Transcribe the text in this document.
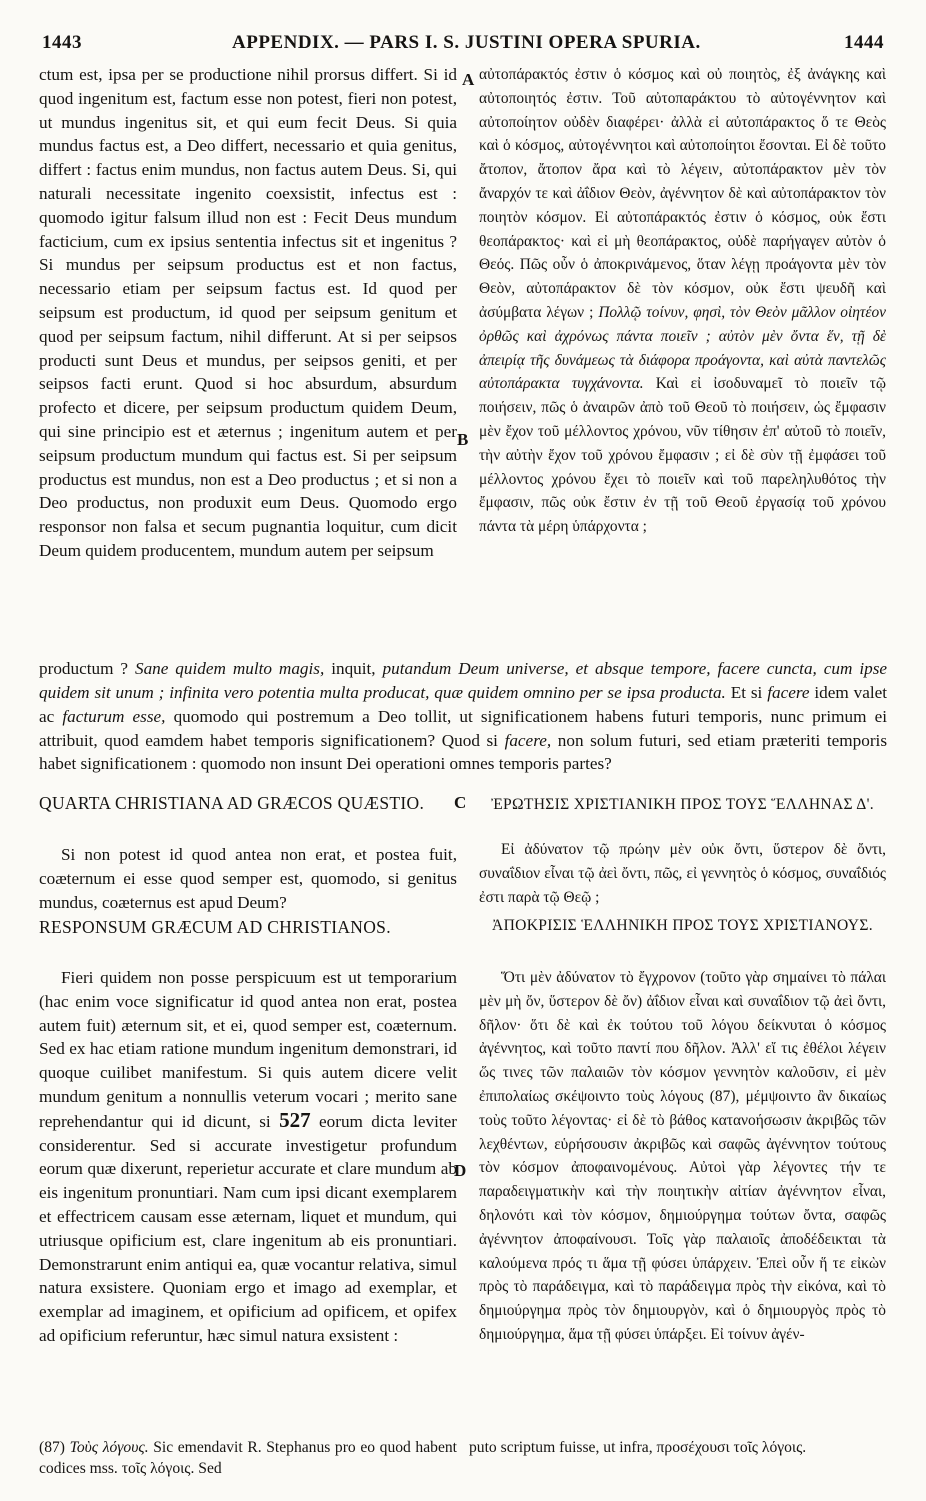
1443	APPENDIX. — PARS I. S. JUSTINI OPERA SPURIA.	1444

ctum est, ipsa per se productione nihil prorsus differt. Si id quod ingenitum est, factum esse non potest, fieri non potest, ut mundus ingenitus sit, et qui eum fecit Deus. Si quia mundus factus est, a Deo differt, necessario et quia genitus, differt : factus enim mundus, non factus autem Deus. Si, qui naturali necessitate ingenito coexsistit, infectus est : quomodo igitur falsum illud non est : Fecit Deus mundum facticium, cum ex ipsius sententia infectus sit et ingenitus ? Si mundus per seipsum productus est et non factus, necessario etiam per seipsum factus est. Id quod per seipsum est productum, id quod per seipsum genitum et quod per seipsum factum, nihil differunt. At si per seipsos producti sunt Deus et mundus, per seipsos geniti, et per seipsos facti erunt. Quod si hoc absurdum, absurdum profecto et dicere, per seipsum productum quidem Deum, qui sine principio est et æternus ; ingenitum autem et per seipsum productum mundum qui factus est. Si per seipsum productus est mundus, non est a Deo productus ; et si non a Deo productus, non produxit eum Deus. Quomodo ergo responsor non falsa et secum pugnantia loquitur, cum dicit Deum quidem producentem, mundum autem per seipsum

A
B

αὐτοπάρακτός ἐστιν ὁ κόσμος καὶ οὐ ποιητὸς, ἐξ ἀνάγκης καὶ αὐτοποιητός ἐστιν. Τοῦ αὐτοπαράκτου τὸ αὐτογέννητον καὶ αὐτοποίητον οὐδὲν διαφέρει· ἀλλὰ εἰ αὐτοπάρακτος ὅ τε Θεὸς καὶ ὁ κόσμος, αὐτογέννητοι καὶ αὐτοποίητοι ἔσονται. Εἰ δὲ τοῦτο ἄτοπον, ἄτοπον ἄρα καὶ τὸ λέγειν, αὐτοπάρακτον μὲν τὸν ἄναρχόν τε καὶ ἀΐδιον Θεὸν, ἀγέννητον δὲ καὶ αὐτοπάρακτον τὸν ποιητὸν κόσμον. Εἰ αὐτοπάρακτός ἐστιν ὁ κόσμος, οὐκ ἔστι θεοπάρακτος· καὶ εἰ μὴ θεοπάρακτος, οὐδὲ παρήγαγεν αὐτὸν ὁ Θεός. Πῶς οὖν ὁ ἀποκρινάμενος, ὅταν λέγῃ προάγοντα μὲν τὸν Θεὸν, αὐτοπάρακτον δὲ τὸν κόσμον, οὐκ ἔστι ψευδῆ καὶ ἀσύμβατα λέγων ; Πολλῷ τοίνυν, φησὶ, τὸν Θεὸν μᾶλλον οἰητέον ὀρθῶς καὶ ἀχρόνως πάντα ποιεῖν ; αὐτὸν μὲν ὄντα ἕν, τῇ δὲ ἀπειρίᾳ τῆς δυνάμεως τὰ διάφορα προάγοντα, καὶ αὐτὰ παντελῶς αὐτοπάρακτα τυγχάνοντα. Καὶ εἰ ἰσοδυναμεῖ τὸ ποιεῖν τῷ ποιήσειν, πῶς ὁ ἀναιρῶν ἀπὸ τοῦ Θεοῦ τὸ ποιήσειν, ὡς ἔμφασιν μὲν ἔχον τοῦ μέλλοντος χρόνου, νῦν τίθησιν ἐπ' αὐτοῦ τὸ ποιεῖν, τὴν αὐτὴν ἔχον τοῦ χρόνου ἔμφασιν ; εἰ δὲ σὺν τῇ ἐμφάσει τοῦ μέλλοντος χρόνου ἔχει τὸ ποιεῖν καὶ τοῦ παρεληλυθότος τὴν ἔμφασιν, πῶς οὐκ ἔστιν ἐν τῇ τοῦ Θεοῦ ἐργασίᾳ τοῦ χρόνου πάντα τὰ μέρη ὑπάρχοντα ;

productum ? Sane quidem multo magis, inquit, putandum Deum universe, et absque tempore, facere cuncta, cum ipse quidem sit unum ; infinita vero potentia multa producat, quæ quidem omnino per se ipsa producta. Et si facere idem valet ac facturum esse, quomodo qui postremum a Deo tollit, ut significationem habens futuri temporis, nunc primum ei attribuit, quod eamdem habet temporis significationem? Quod si facere, non solum futuri, sed etiam præteriti temporis habet significationem : quomodo non insunt Dei operationi omnes temporis partes?

QUARTA CHRISTIANA AD GRÆCOS QUÆSTIO. C	ἘΡΩΤΗΣΙΣ ΧΡΙΣΤΙΑΝΙΚΗ ΠΡΟΣ ΤΟΥΣ ἝΛΛΗΝΑΣ Δ'.

Si non potest id quod antea non erat, et postea fuit, coæternum ei esse quod semper est, quomodo, si genitus mundus, coæternus est apud Deum?

Εἰ ἀδύνατον τῷ πρώην μὲν οὐκ ὄντι, ὕστερον δὲ ὄντι, συναΐδιον εἶναι τῷ ἀεὶ ὄντι, πῶς, εἰ γεννητὸς ὁ κόσμος, συναΐδιός ἐστι παρὰ τῷ Θεῷ ;

RESPONSUM GRÆCUM AD CHRISTIANOS.	ἈΠΟΚΡΙΣΙΣ ἙΛΛΗΝΙΚΗ ΠΡΟΣ ΤΟΥΣ ΧΡΙΣΤΙΑΝΟΥΣ.

Fieri quidem non posse perspicuum est ut temporarium (hac enim voce significatur id quod antea non erat, postea autem fuit) æternum sit, et ei, quod semper est, coæternum. Sed ex hac etiam ratione mundum ingenitum demonstrari, id quoque cuilibet manifestum. Si quis autem dicere velit mundum genitum a nonnullis veterum vocari ; merito sane reprehendantur qui id dicunt, si 527 eorum dicta leviter considerentur. Sed si accurate investigetur profundum eorum quæ dixerunt, reperietur accurate et clare mundum ab eis ingenitum pronuntiari. Nam cum ipsi dicant exemplarem et effectricem causam esse æternam, liquet et mundum, qui utriusque opificium est, clare ingenitum ab eis pronuntiari. Demonstrarunt enim antiqui ea, quæ vocantur relativa, simul natura exsistere. Quoniam ergo et imago ad exemplar, et exemplar ad imaginem, et opificium ad opificem, et opifex ad opificium referuntur, hæc simul natura exsistent :

D

Ὅτι μὲν ἀδύνατον τὸ ἔγχρονον (τοῦτο γὰρ σημαίνει τὸ πάλαι μὲν μὴ ὄν, ὕστερον δὲ ὄν) ἀΐδιον εἶναι καὶ συναΐδιον τῷ ἀεὶ ὄντι, δῆλον· ὅτι δὲ καὶ ἐκ τούτου τοῦ λόγου δείκνυται ὁ κόσμος ἀγέννητος, καὶ τοῦτο παντί που δῆλον. Ἀλλ' εἴ τις ἐθέλοι λέγειν ὥς τινες τῶν παλαιῶν τὸν κόσμον γεννητὸν καλοῦσιν, εἰ μὲν ἐπιπολαίως σκέψοιντο τοὺς λόγους (87), μέμψοιντο ἂν δικαίως τοὺς τοῦτο λέγοντας· εἰ δὲ τὸ βάθος κατανοήσωσιν ἀκριβῶς τῶν λεχθέντων, εὑρήσουσιν ἀκριβῶς καὶ σαφῶς ἀγέννητον τούτους τὸν κόσμον ἀποφαινομένους. Αὐτοὶ γὰρ λέγοντες τήν τε παραδειγματικὴν καὶ τὴν ποιητικὴν αἰτίαν ἀγέννητον εἶναι, δηλονότι καὶ τὸν κόσμον, δημιούργημα τούτων ὄντα, σαφῶς ἀγέννητον ἀποφαίνουσι. Τοῖς γὰρ παλαιοῖς ἀποδέδεικται τὰ καλούμενα πρός τι ἅμα τῇ φύσει ὑπάρχειν. Ἐπεὶ οὖν ἥ τε εἰκὼν πρὸς τὸ παράδειγμα, καὶ τὸ παράδειγμα πρὸς τὴν εἰκόνα, καὶ τὸ δημιούργημα πρὸς τὸν δημιουργὸν, καὶ ὁ δημιουργὸς πρὸς τὸ δημιούργημα, ἅμα τῇ φύσει ὑπάρξει. Εἰ τοίνυν ἀγέν-

(87) Τοὺς λόγους. Sic emendavit R. Stephanus pro eo quod habent codices mss. τοῖς λόγοις. Sed
puto scriptum fuisse, ut infra, προσέχουσι τοῖς λόγοις.
